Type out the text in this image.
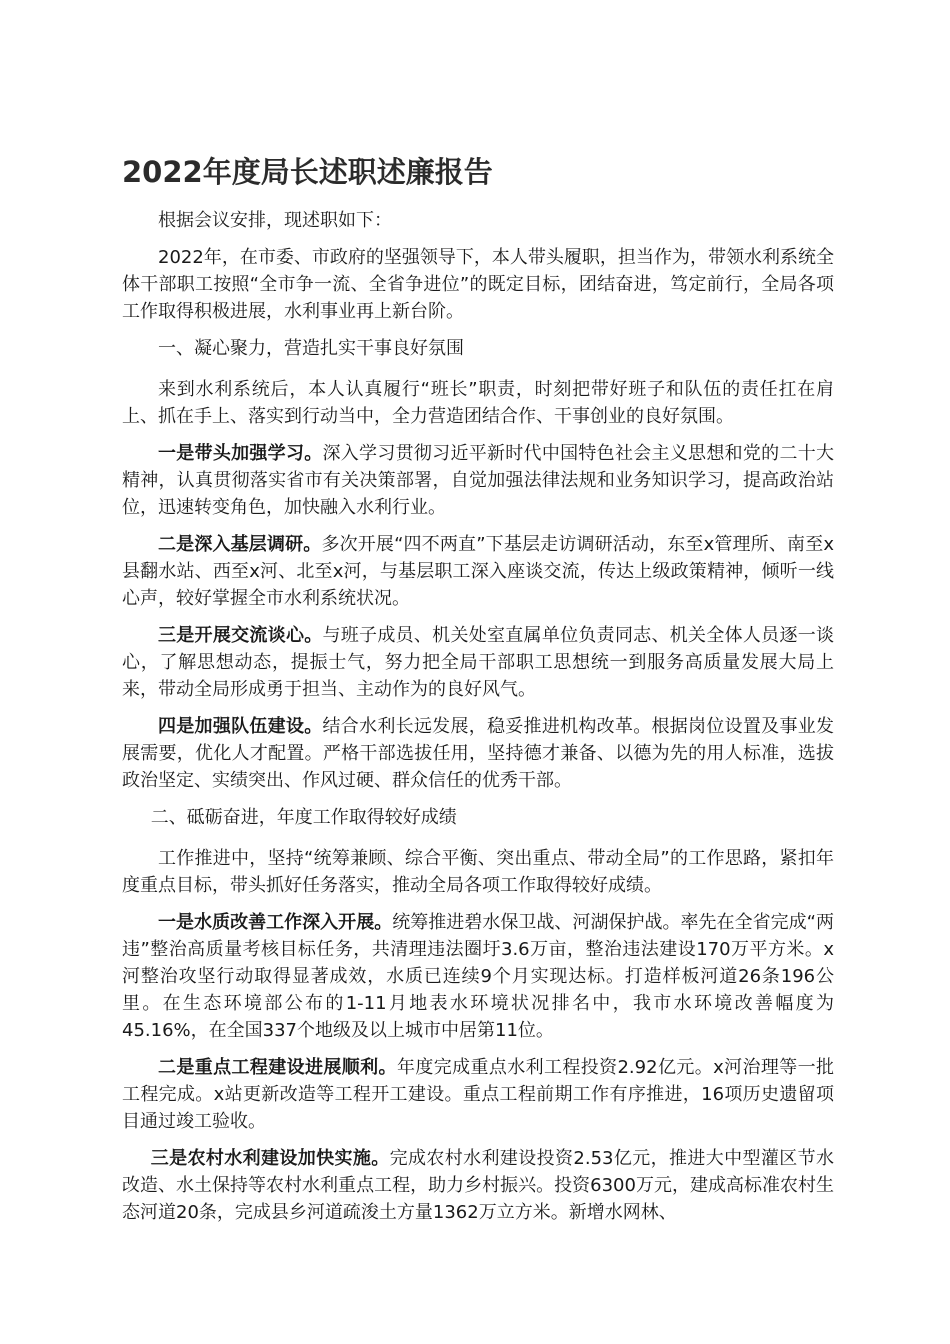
2022年度局长述职述廉报告

根据会议安排，现述职如下：

2022年，在市委、市政府的坚强领导下，本人带头履职，担当作为，带领水利系统全体干部职工按照“全市争一流、全省争进位”的既定目标，团结奋进，笃定前行，全局各项工作取得积极进展，水利事业再上新台阶。

一、凝心聚力，营造扎实干事良好氛围

来到水利系统后，本人认真履行“班长”职责，时刻把带好班子和队伍的责任扛在肩上、抓在手上、落实到行动当中，全力营造团结合作、干事创业的良好氛围。

一是带头加强学习。深入学习贯彻习近平新时代中国特色社会主义思想和党的二十大精神，认真贯彻落实省市有关决策部署，自觉加强法律法规和业务知识学习，提高政治站位，迅速转变角色，加快融入水利行业。

二是深入基层调研。多次开展“四不两直”下基层走访调研活动，东至x管理所、南至x县翻水站、西至x河、北至x河，与基层职工深入座谈交流，传达上级政策精神，倾听一线心声，较好掌握全市水利系统状况。

三是开展交流谈心。与班子成员、机关处室直属单位负责同志、机关全体人员逐一谈心，了解思想动态，提振士气，努力把全局干部职工思想统一到服务高质量发展大局上来，带动全局形成勇于担当、主动作为的良好风气。

四是加强队伍建设。结合水利长远发展，稳妥推进机构改革。根据岗位设置及事业发展需要，优化人才配置。严格干部选拔任用，坚持德才兼备、以德为先的用人标准，选拔政治坚定、实绩突出、作风过硬、群众信任的优秀干部。

二、砥砺奋进，年度工作取得较好成绩

工作推进中，坚持“统筹兼顾、综合平衡、突出重点、带动全局”的工作思路，紧扣年度重点目标，带头抓好任务落实，推动全局各项工作取得较好成绩。

一是水质改善工作深入开展。统筹推进碧水保卫战、河湖保护战。率先在全省完成“两违”整治高质量考核目标任务，共清理违法圈圩3.6万亩，整治违法建设170万平方米。x河整治攻坚行动取得显著成效，水质已连续9个月实现达标。打造样板河道26条196公里。在生态环境部公布的1-11月地表水环境状况排名中，我市水环境改善幅度为45.16%，在全国337个地级及以上城市中居第11位。

二是重点工程建设进展顺利。年度完成重点水利工程投资2.92亿元。x河治理等一批工程完成。x站更新改造等工程开工建设。重点工程前期工作有序推进，16项历史遗留项目通过竣工验收。

三是农村水利建设加快实施。完成农村水利建设投资2.53亿元，推进大中型灌区节水改造、水土保持等农村水利重点工程，助力乡村振兴。投资6300万元，建成高标准农村生态河道20条，完成县乡河道疏浚土方量1362万立方米。新增水网林、
